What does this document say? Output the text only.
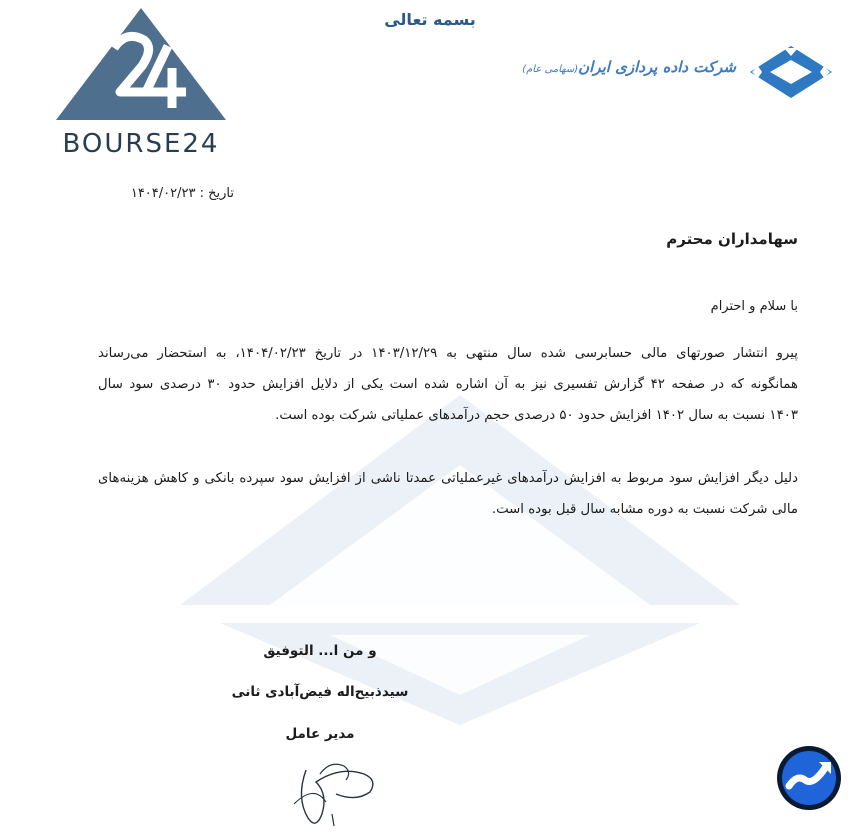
بسمه تعالی
شرکت داده پردازی ایران(سهامی عام)
BOURSE24
تاریخ : ۱۴۰۴/۰۲/۲۳
سهامداران محترم
با سلام و احترام
پیرو انتشار صورتهای مالی حسابرسی شده سال منتهی به ۱۴۰۳/۱۲/۲۹ در تاریخ ۱۴۰۴/۰۲/۲۳، به استحضار می‌رساند
همانگونه که در صفحه ۴۲ گزارش تفسیری نیز به آن اشاره شده است یکی از دلایل افزایش حدود ۳۰ درصدی سود سال
۱۴۰۳ نسبت به سال ۱۴۰۲ افزایش حدود ۵۰ درصدی حجم درآمدهای عملیاتی شرکت بوده است.
دلیل دیگر افزایش سود مربوط به افزایش درآمدهای غیرعملیاتی عمدتا ناشی از افزایش سود سپرده بانکی و کاهش هزینه‌های
مالی شرکت نسبت به دوره مشابه سال قبل بوده است.
و من ا... التوفیق
سیدذبیح‌اله فیض‌آبادی ثانی
مدیر عامل
